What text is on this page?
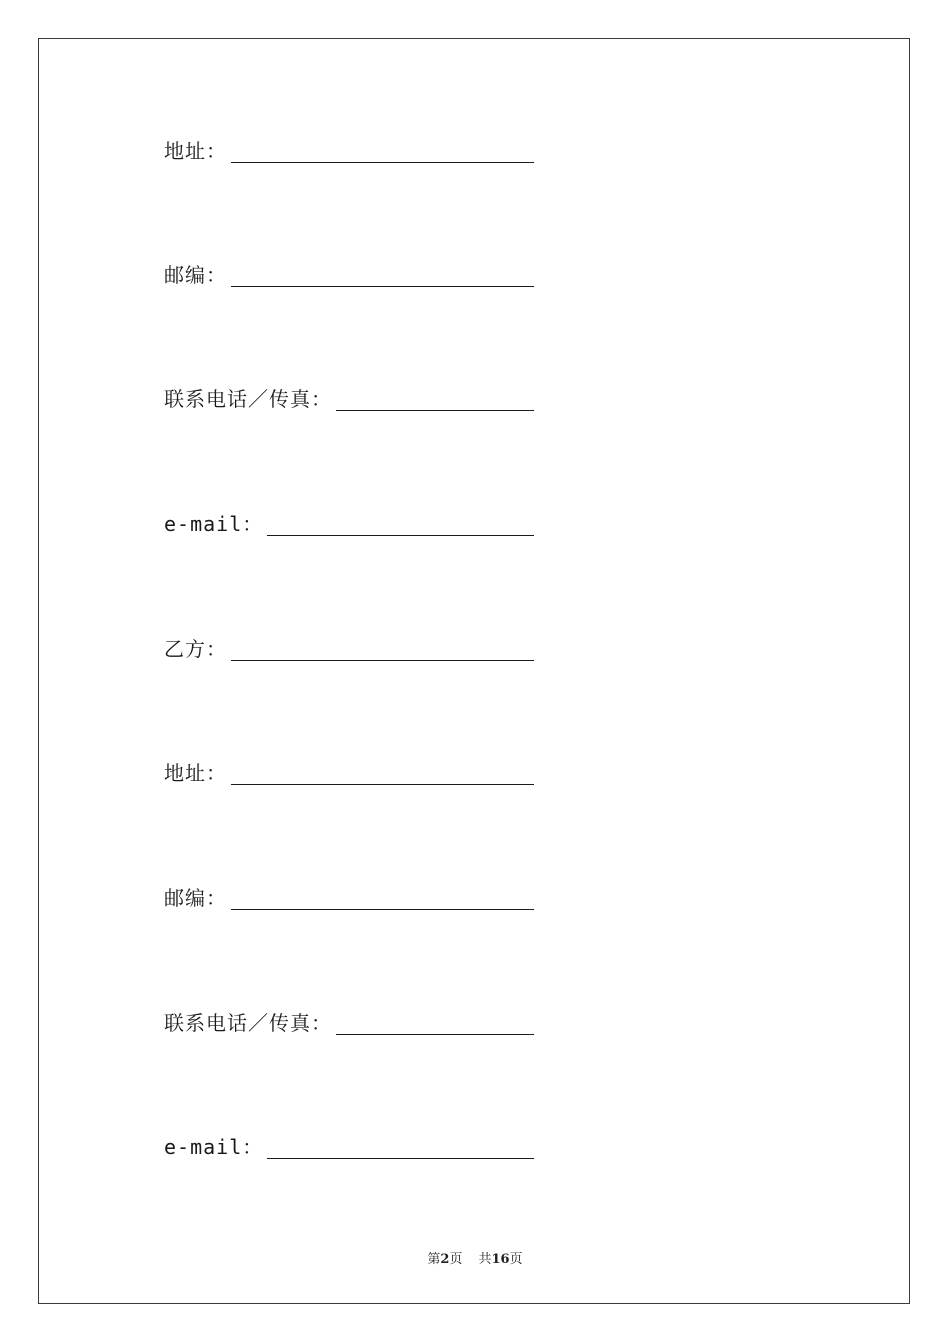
地址：
邮编：
联系电话／传真：
e-mail：
乙方：
地址：
邮编：
联系电话／传真：
e-mail：
第2页 共16页
